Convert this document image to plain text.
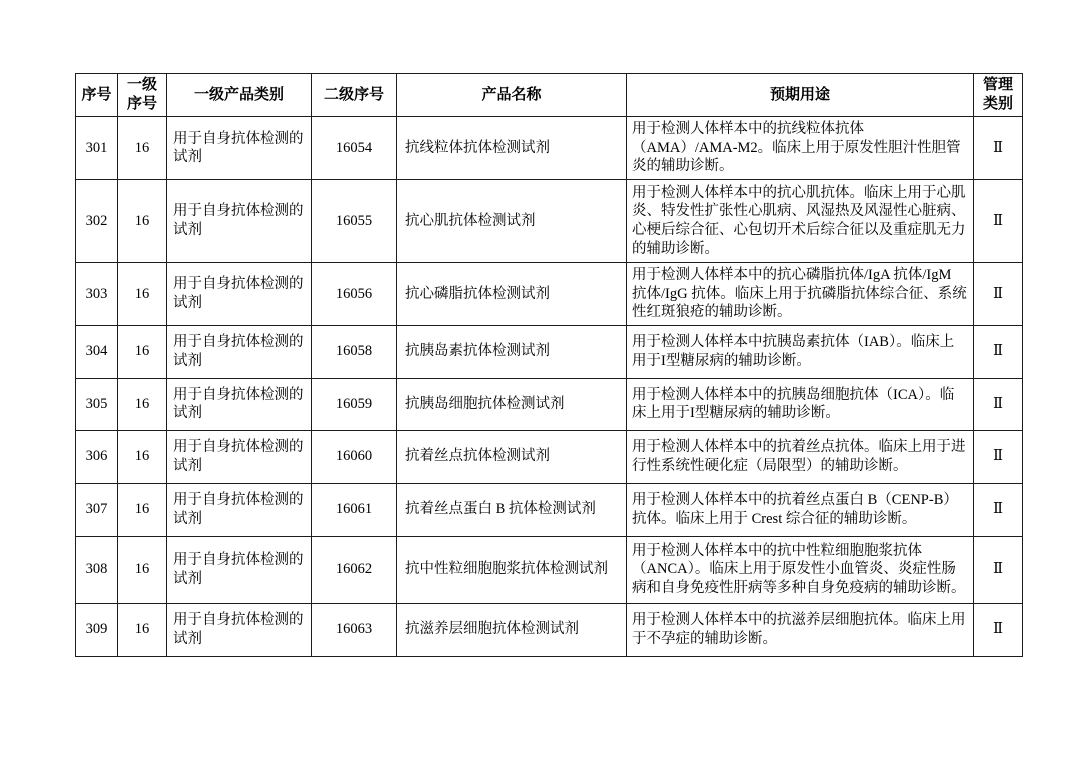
序号	一级序号	一级产品类别	二级序号	产品名称	预期用途	管理类别
301	16	用于自身抗体检测的试剂	16054	抗线粒体抗体检测试剂	用于检测人体样本中的抗线粒体抗体（AMA）/AMA-M2。临床上用于原发性胆汁性胆管炎的辅助诊断。	Ⅱ
302	16	用于自身抗体检测的试剂	16055	抗心肌抗体检测试剂	用于检测人体样本中的抗心肌抗体。临床上用于心肌炎、特发性扩张性心肌病、风湿热及风湿性心脏病、心梗后综合征、心包切开术后综合征以及重症肌无力的辅助诊断。	Ⅱ
303	16	用于自身抗体检测的试剂	16056	抗心磷脂抗体检测试剂	用于检测人体样本中的抗心磷脂抗体/IgA 抗体/IgM 抗体/IgG 抗体。临床上用于抗磷脂抗体综合征、系统性红斑狼疮的辅助诊断。	Ⅱ
304	16	用于自身抗体检测的试剂	16058	抗胰岛素抗体检测试剂	用于检测人体样本中抗胰岛素抗体（IAB）。临床上用于I型糖尿病的辅助诊断。	Ⅱ
305	16	用于自身抗体检测的试剂	16059	抗胰岛细胞抗体检测试剂	用于检测人体样本中的抗胰岛细胞抗体（ICA）。临床上用于I型糖尿病的辅助诊断。	Ⅱ
306	16	用于自身抗体检测的试剂	16060	抗着丝点抗体检测试剂	用于检测人体样本中的抗着丝点抗体。临床上用于进行性系统性硬化症（局限型）的辅助诊断。	Ⅱ
307	16	用于自身抗体检测的试剂	16061	抗着丝点蛋白 B 抗体检测试剂	用于检测人体样本中的抗着丝点蛋白 B（CENP-B）抗体。临床上用于 Crest 综合征的辅助诊断。	Ⅱ
308	16	用于自身抗体检测的试剂	16062	抗中性粒细胞胞浆抗体检测试剂	用于检测人体样本中的抗中性粒细胞胞浆抗体（ANCA）。临床上用于原发性小血管炎、炎症性肠病和自身免疫性肝病等多种自身免疫病的辅助诊断。	Ⅱ
309	16	用于自身抗体检测的试剂	16063	抗滋养层细胞抗体检测试剂	用于检测人体样本中的抗滋养层细胞抗体。临床上用于不孕症的辅助诊断。	Ⅱ
